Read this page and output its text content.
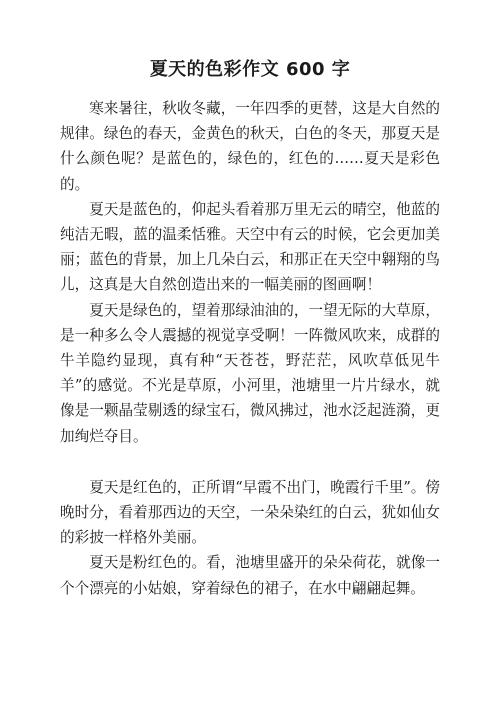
夏天的色彩作文 600 字

寒来暑往，秋收冬藏，一年四季的更替，这是大自然的规律。绿色的春天，金黄色的秋天，白色的冬天，那夏天是什么颜色呢？是蓝色的，绿色的，红色的……夏天是彩色的。

夏天是蓝色的，仰起头看着那万里无云的晴空，他蓝的纯洁无暇，蓝的温柔恬雅。天空中有云的时候，它会更加美丽；蓝色的背景，加上几朵白云，和那正在天空中翱翔的鸟儿，这真是大自然创造出来的一幅美丽的图画啊！

夏天是绿色的，望着那绿油油的，一望无际的大草原，是一种多么令人震撼的视觉享受啊！一阵微风吹来，成群的牛羊隐约显现，真有种“天苍苍，野茫茫，风吹草低见牛羊”的感觉。不光是草原，小河里，池塘里一片片绿水，就像是一颗晶莹剔透的绿宝石，微风拂过，池水泛起涟漪，更加绚烂夺目。

夏天是红色的，正所谓“早霞不出门，晚霞行千里”。傍晚时分，看着那西边的天空，一朵朵染红的白云，犹如仙女的彩披一样格外美丽。

夏天是粉红色的。看，池塘里盛开的朵朵荷花，就像一个个漂亮的小姑娘，穿着绿色的裙子，在水中翩翩起舞。
